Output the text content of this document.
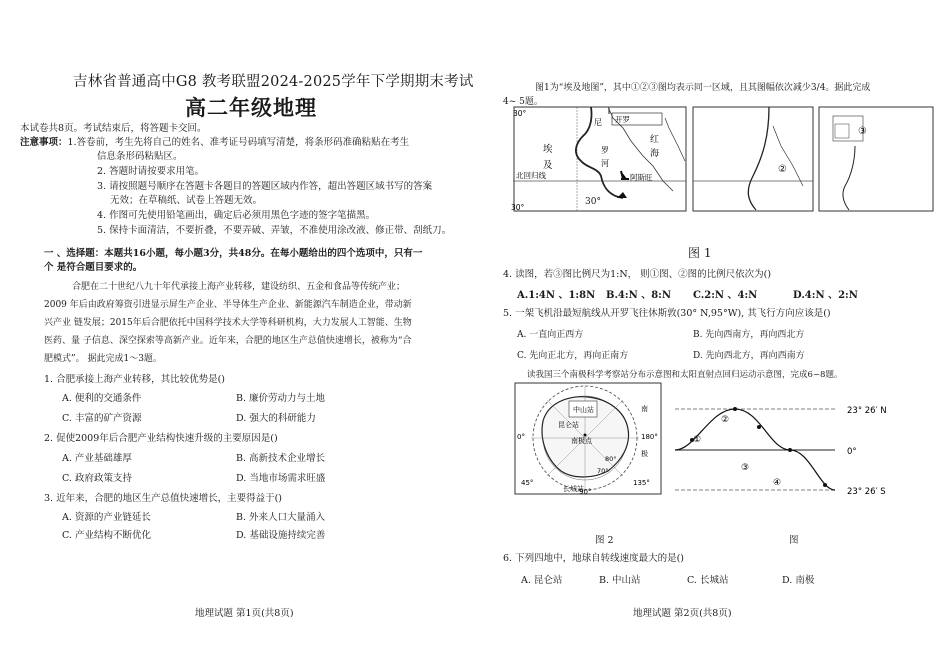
吉林省普通高中G8 教考联盟2024-2025学年下学期期末考试
高二年级地理
本试卷共8页。考试结束后，将答题卡交回。
注意事项：1.答卷前，考生先将自己的姓名、准考证号码填写清楚，将条形码准确粘贴在考生
信息条形码粘贴区。
2. 答题时请按要求用笔。
3. 请按照题号顺序在答题卡各题目的答题区域内作答，超出答题区域书写的答案
无效；在草稿纸、试卷上答题无效。
4. 作图可先使用铅笔画出，确定后必须用黑色字迹的签字笔描黑。
5. 保持卡面清洁，不要折叠，不要弄破、弄皱，不准使用涂改液、修正带、刮纸刀。
一 、选择题：本题共16小题，每小题3分，共48分。在每小题给出的四个选项中，只有一
个 是符合题目要求的。
合肥在二十世纪八九十年代承接上海产业转移，建设纺织、五金和食品等传统产业；
2009 年后由政府筹资引进显示屏生产企业、半导体生产企业、新能源汽车制造企业，带动新
兴产业 链发展；2015年后合肥依托中国科学技术大学等科研机构，大力发展人工智能、生物
医药、量 子信息、深空探索等高新产业。近年来，合肥的地区生产总值快速增长，被称为“合
肥模式”。 据此完成1～3题。
1. 合肥承接上海产业转移，其比较优势是()
A. 便利的交通条件	B. 廉价劳动力与土地
C. 丰富的矿产资源	D. 强大的科研能力
2. 促使2009年后合肥产业结构快速升级的主要原因是()
A. 产业基础雄厚	B. 高新技术企业增长
C. 政府政策支持	D. 当地市场需求旺盛
3. 近年来，合肥的地区生产总值快速增长，主要得益于()
A. 资源的产业链延长	B. 外来人口大量涌入
C. 产业结构不断优化	D. 基础设施持续完善
地理试题 第1页(共8页)
图1为“埃及地图”，其中①②③图均表示同一区域，且其图幅依次减少3/4。据此完成
4~ 5题。
30°
30°
尼
埃
及
罗
河
开罗
红
海
阿斯旺
北回归线
②
③
30°
图 1
4. 读图，若③图比例尺为1:N， 则①图、②图的比例尺依次为()
A.1:4N 、1:8N B.4:N 、8:N C.2:N 、4:N	D.4:N 、2:N
5. 一架飞机沿最短航线从开罗飞往休斯敦(30° N,95°W), 其飞行方向应该是()
A. 一直向正西方	B. 先向西南方，再向西北方
C. 先向正北方，再向正南方	D. 先向西北方，再向西南方
读我国三个南极科学考察站分布示意图和太阳直射点回归运动示意图，完成6~8题。
中山站
昆仑站
南极点
长城站
0°	180°
45°
90°
135°
70°
80°
南
极
①
②
③
④
23° 26′ N
0°
23° 26′ S
图 2	图
6. 下列四地中，地球自转线速度最大的是()
A. 昆仑站	B. 中山站	C. 长城站	D. 南极
地理试题 第2页(共8页)
